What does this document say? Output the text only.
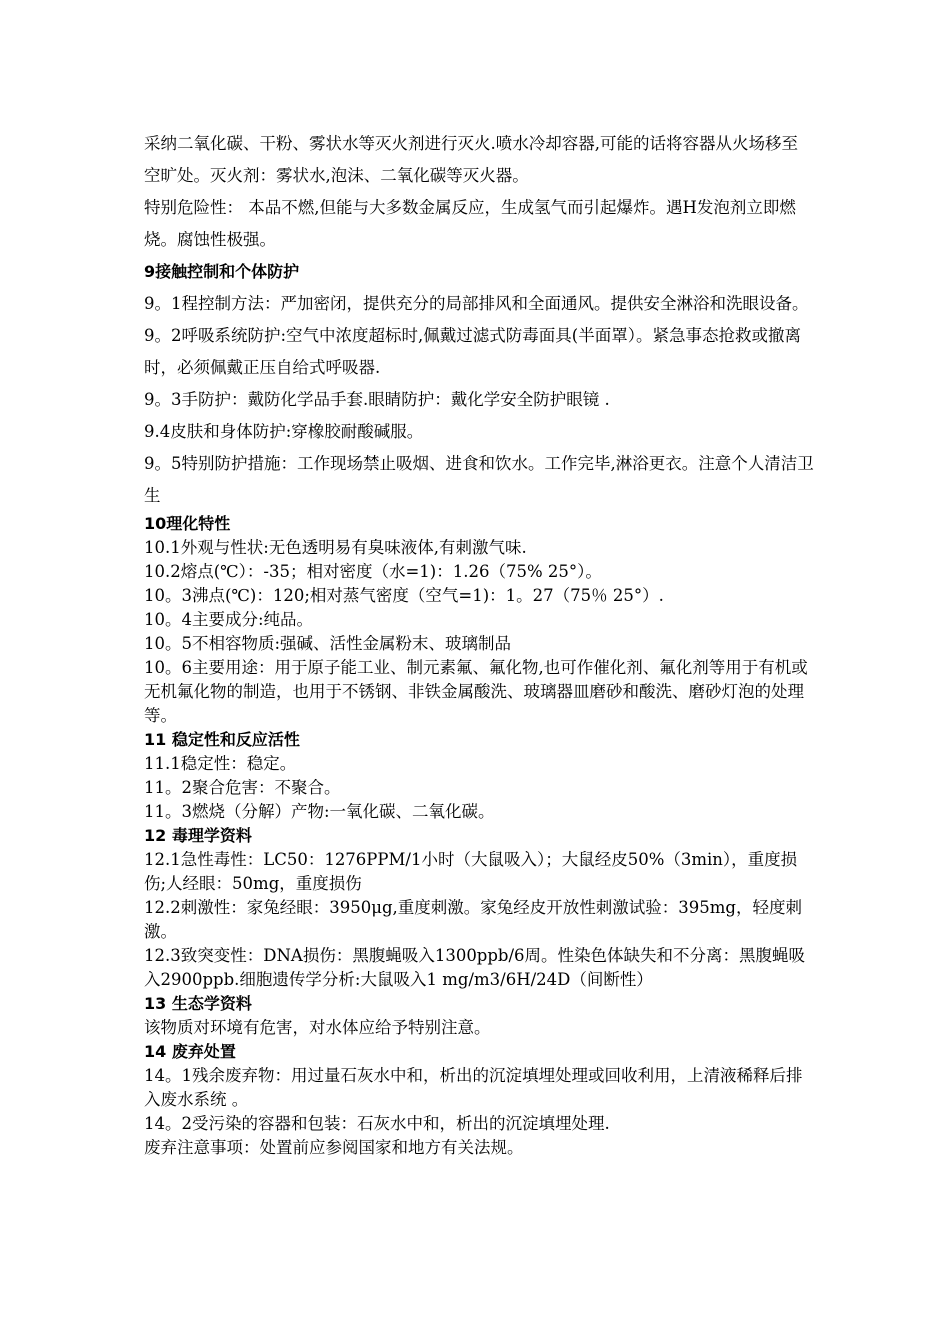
采纳二氧化碳、干粉、雾状水等灭火剂进行灭火.喷水冷却容器,可能的话将容器从火场移至空旷处。灭火剂：雾状水,泡沫、二氧化碳等灭火器。

特别危险性： 本品不燃,但能与大多数金属反应，生成氢气而引起爆炸。遇H发泡剂立即燃烧。腐蚀性极强。

9接触控制和个体防护

9。1程控制方法：严加密闭，提供充分的局部排风和全面通风。提供安全淋浴和洗眼设备。

9。2呼吸系统防护:空气中浓度超标时,佩戴过滤式防毒面具(半面罩）。紧急事态抢救或撤离时，必须佩戴正压自给式呼吸器.

9。3手防护：戴防化学品手套.眼睛防护：戴化学安全防护眼镜 .

9.4皮肤和身体防护:穿橡胶耐酸碱服。

9。5特别防护措施：工作现场禁止吸烟、进食和饮水。工作完毕,淋浴更衣。注意个人清洁卫生

10理化特性

10.1外观与性状:无色透明易有臭味液体,有刺激气味.

10.2熔点(℃）：-35；相对密度（水=1)：1.26（75% 25°）。

10。3沸点(℃)：120;相对蒸气密度（空气=1)：1。27（75％ 25°）.

10。4主要成分:纯品。

10。5不相容物质:强碱、活性金属粉末、玻璃制品

10。6主要用途：用于原子能工业、制元素氟、氟化物,也可作催化剂、氟化剂等用于有机或无机氟化物的制造，也用于不锈钢、非铁金属酸洗、玻璃器皿磨砂和酸洗、磨砂灯泡的处理等。

11 稳定性和反应活性

11.1稳定性：稳定。

11。2聚合危害：不聚合。

11。3燃烧（分解）产物:一氧化碳、二氧化碳。

12 毒理学资料

12.1急性毒性：LC50：1276PPM/1小时（大鼠吸入）；大鼠经皮50%（3min），重度损伤;人经眼：50mg，重度损伤

12.2刺激性：家兔经眼：3950μg,重度刺激。家兔经皮开放性刺激试验：395mg，轻度刺激。

12.3致突变性：DNA损伤：黑腹蝇吸入1300ppb/6周。性染色体缺失和不分离：黑腹蝇吸入2900ppb.细胞遗传学分析:大鼠吸入1 mg/m3/6H/24D（间断性）

13 生态学资料

该物质对环境有危害，对水体应给予特别注意。

14 废弃处置

14。1残余废弃物：用过量石灰水中和，析出的沉淀填埋处理或回收利用，上清液稀释后排入废水系统 。

14。2受污染的容器和包装：石灰水中和，析出的沉淀填埋处理.

废弃注意事项：处置前应参阅国家和地方有关法规。
